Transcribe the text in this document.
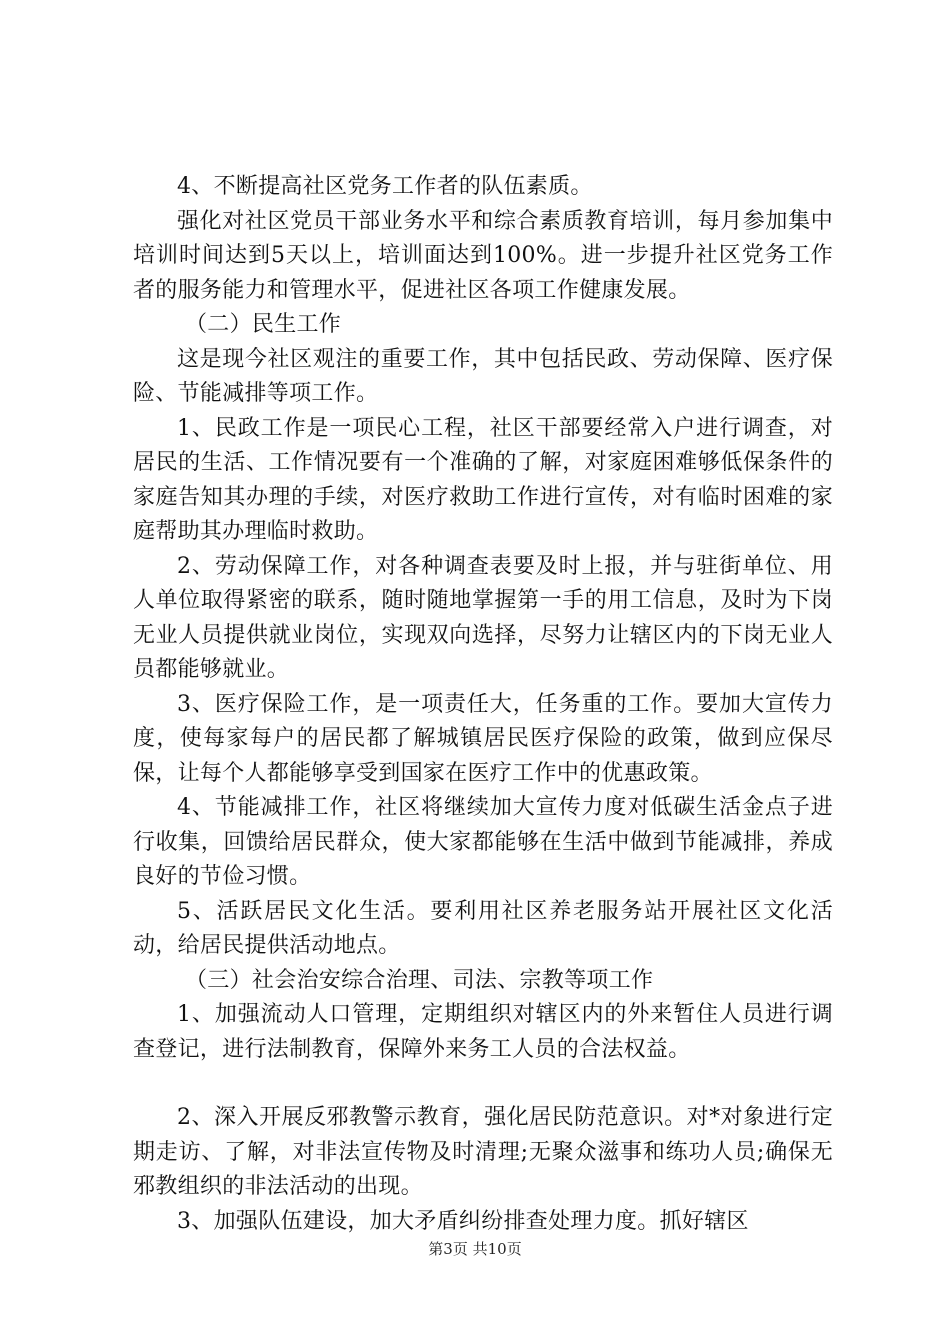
4、不断提高社区党务工作者的队伍素质。

强化对社区党员干部业务水平和综合素质教育培训，每月参加集中培训时间达到5天以上，培训面达到100%。进一步提升社区党务工作者的服务能力和管理水平，促进社区各项工作健康发展。

（二）民生工作

这是现今社区观注的重要工作，其中包括民政、劳动保障、医疗保险、节能减排等项工作。

1、民政工作是一项民心工程，社区干部要经常入户进行调查，对居民的生活、工作情况要有一个准确的了解，对家庭困难够低保条件的家庭告知其办理的手续，对医疗救助工作进行宣传，对有临时困难的家庭帮助其办理临时救助。

2、劳动保障工作，对各种调查表要及时上报，并与驻街单位、用人单位取得紧密的联系，随时随地掌握第一手的用工信息，及时为下岗无业人员提供就业岗位，实现双向选择，尽努力让辖区内的下岗无业人员都能够就业。

3、医疗保险工作，是一项责任大，任务重的工作。要加大宣传力度，使每家每户的居民都了解城镇居民医疗保险的政策，做到应保尽保，让每个人都能够享受到国家在医疗工作中的优惠政策。

4、节能减排工作，社区将继续加大宣传力度对低碳生活金点子进行收集，回馈给居民群众，使大家都能够在生活中做到节能减排，养成良好的节俭习惯。

5、活跃居民文化生活。要利用社区养老服务站开展社区文化活动，给居民提供活动地点。

（三）社会治安综合治理、司法、宗教等项工作

1、加强流动人口管理，定期组织对辖区内的外来暂住人员进行调查登记，进行法制教育，保障外来务工人员的合法权益。

2、深入开展反邪教警示教育，强化居民防范意识。对*对象进行定期走访、了解，对非法宣传物及时清理;无聚众滋事和练功人员;确保无邪教组织的非法活动的出现。

3、加强队伍建设，加大矛盾纠纷排查处理力度。抓好辖区

第3页 共10页
